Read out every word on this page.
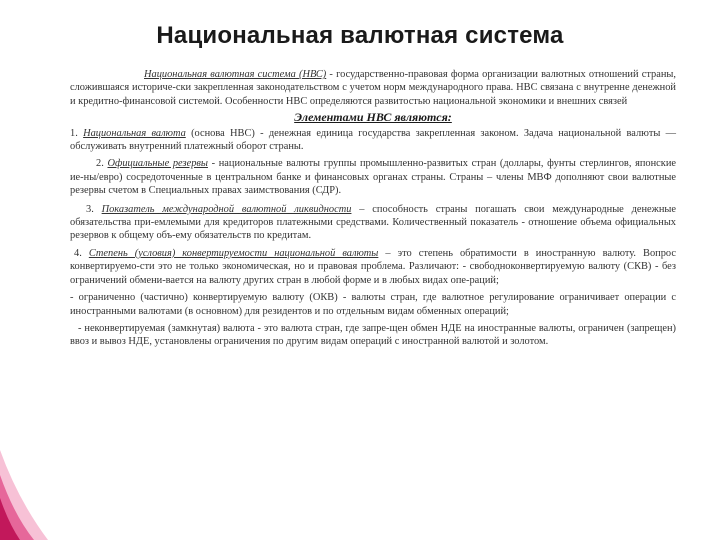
Национальная валютная система

Национальная валютная система (НВС) - государственно-правовая форма организации валютных отношений страны, сложившаяся историче-ски закрепленная законодательством с учетом норм международного права. НВС связана с внутренне денежной и кредитно-финансовой системой. Особенности НВС определяются развитостью национальной экономики и внешних связей

Элементами НВС являются:

1. Национальная валюта (основа НВС) - денежная единица государства закрепленная законом. Задача национальной валюты — обслуживать внутренний платежный оборот страны.

2. Официальные резервы - национальные валюты группы промышленно-развитых стран (доллары, фунты стерлингов, японские ие-ны/евро) сосредоточенные в центральном банке и финансовых органах страны. Страны – члены МВФ дополняют свои валютные резервы счетом в Специальных правах заимствования (СДР).

3. Показатель международной валютной ликвидности – способность страны погашать свои международные денежные обязательства при-емлемыми для кредиторов платежными средствами. Количественный показатель - отношение объема официальных резервов к общему объ-ему обязательств по кредитам.

4. Степень (условия) конвертируемости национальной валюты – это степень обратимости в иностранную валюту. Вопрос конвертируемо-сти это не только экономическая, но и правовая проблема. Различают: - свободноконвертируемую валюту (СКВ) - без ограничений обмени-вается на валюту других стран в любой форме и в любых видах опе-раций;

- ограниченно (частично) конвертируемую валюту (ОКВ) - валюты стран, где валютное регулирование ограничивает операции с иностранными валютами (в основном) для резидентов и по отдельным видам обменных операций;

- неконвертируемая (замкнутая) валюта - это валюта стран, где запре-щен обмен НДЕ на иностранные валюты, ограничен (запрещен) ввоз и вывоз НДЕ, установлены ограничения по другим видам операций с иностранной валютой и золотом.
